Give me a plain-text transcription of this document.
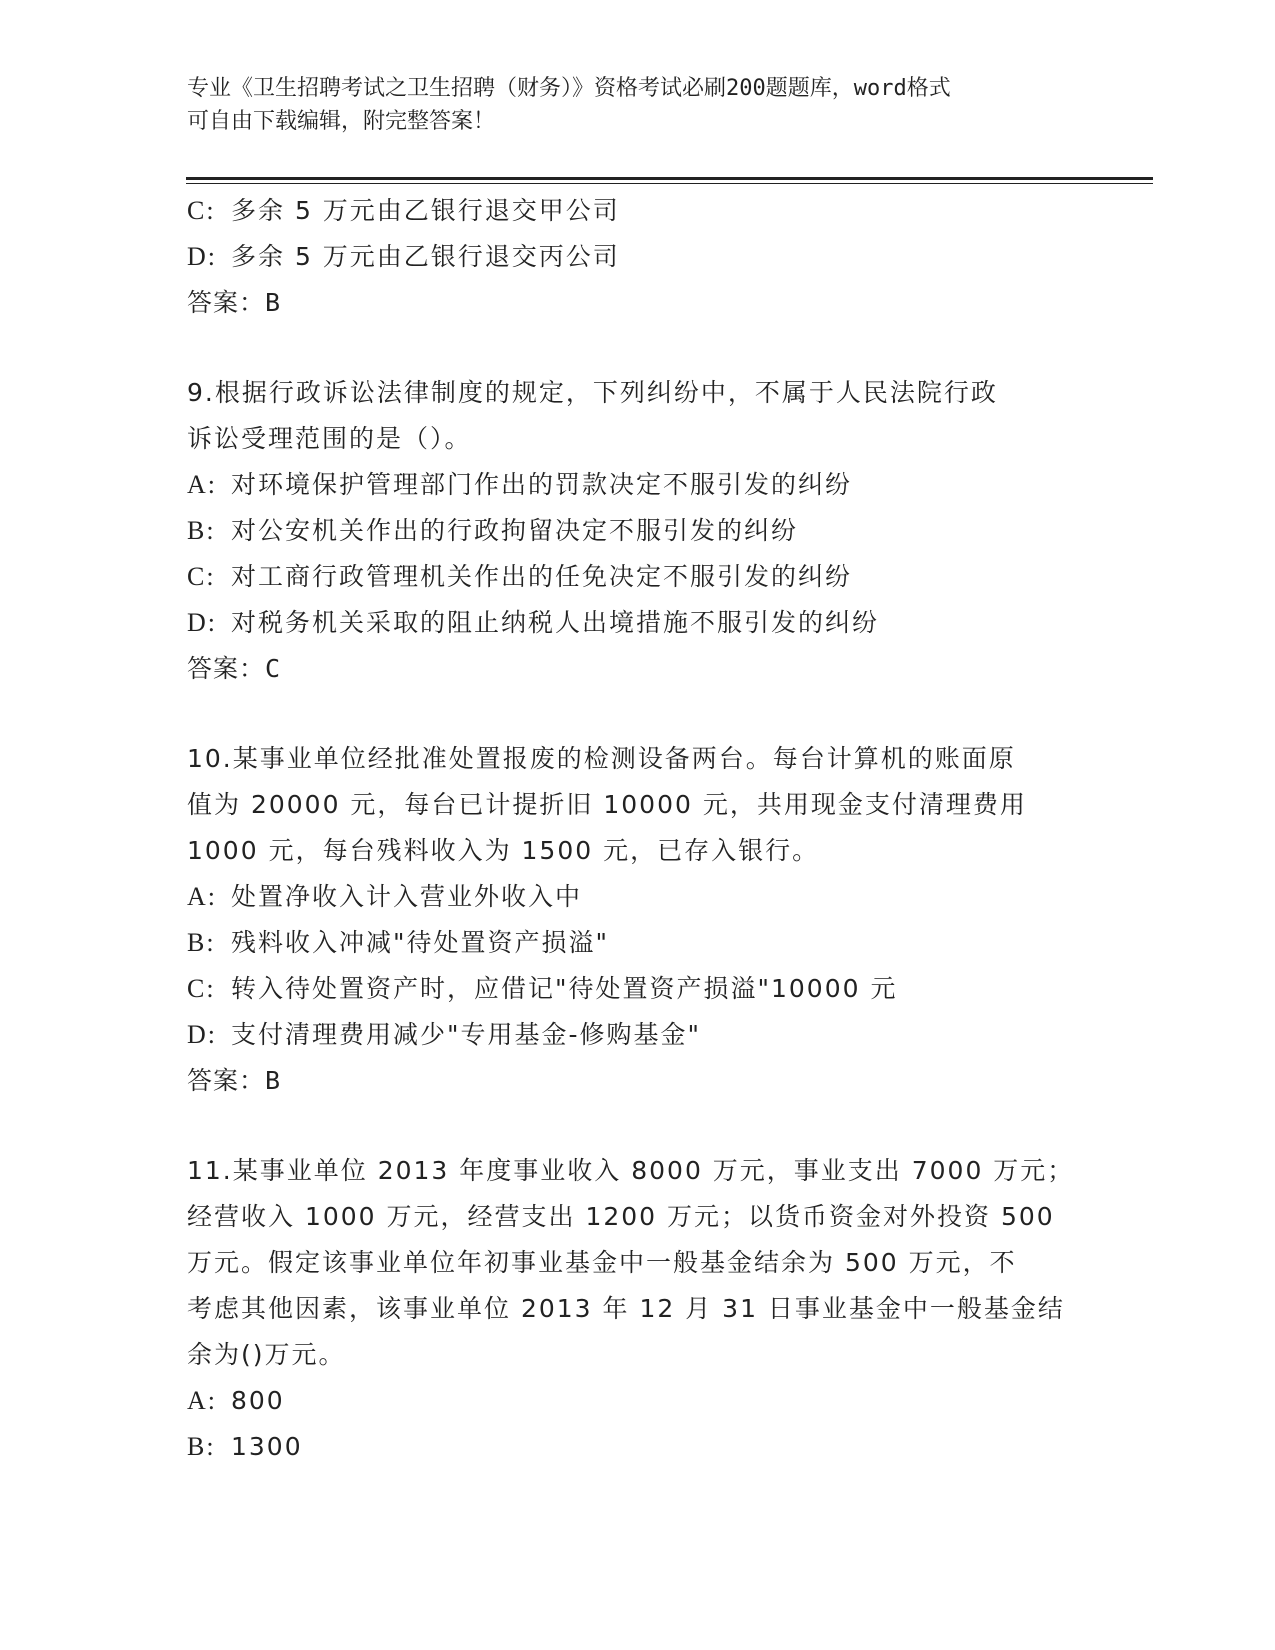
专业《卫生招聘考试之卫生招聘（财务）》资格考试必刷200题题库，word格式
可自由下载编辑，附完整答案！
C: 多余 5 万元由乙银行退交甲公司
D: 多余 5 万元由乙银行退交丙公司
答案：B
9.根据行政诉讼法律制度的规定，下列纠纷中，不属于人民法院行政
诉讼受理范围的是（）。
A: 对环境保护管理部门作出的罚款决定不服引发的纠纷
B: 对公安机关作出的行政拘留决定不服引发的纠纷
C: 对工商行政管理机关作出的任免决定不服引发的纠纷
D: 对税务机关采取的阻止纳税人出境措施不服引发的纠纷
答案：C
10.某事业单位经批准处置报废的检测设备两台。每台计算机的账面原
值为 20000 元，每台已计提折旧 10000 元，共用现金支付清理费用
1000 元，每台残料收入为 1500 元，已存入银行。
A: 处置净收入计入营业外收入中
B: 残料收入冲减"待处置资产损溢"
C: 转入待处置资产时，应借记"待处置资产损溢"10000 元
D: 支付清理费用减少"专用基金-修购基金"
答案：B
11.某事业单位 2013 年度事业收入 8000 万元，事业支出 7000 万元；
经营收入 1000 万元，经营支出 1200 万元；以货币资金对外投资 500
万元。假定该事业单位年初事业基金中一般基金结余为 500 万元，不
考虑其他因素，该事业单位 2013 年 12 月 31 日事业基金中一般基金结
余为()万元。
A: 800
B: 1300
